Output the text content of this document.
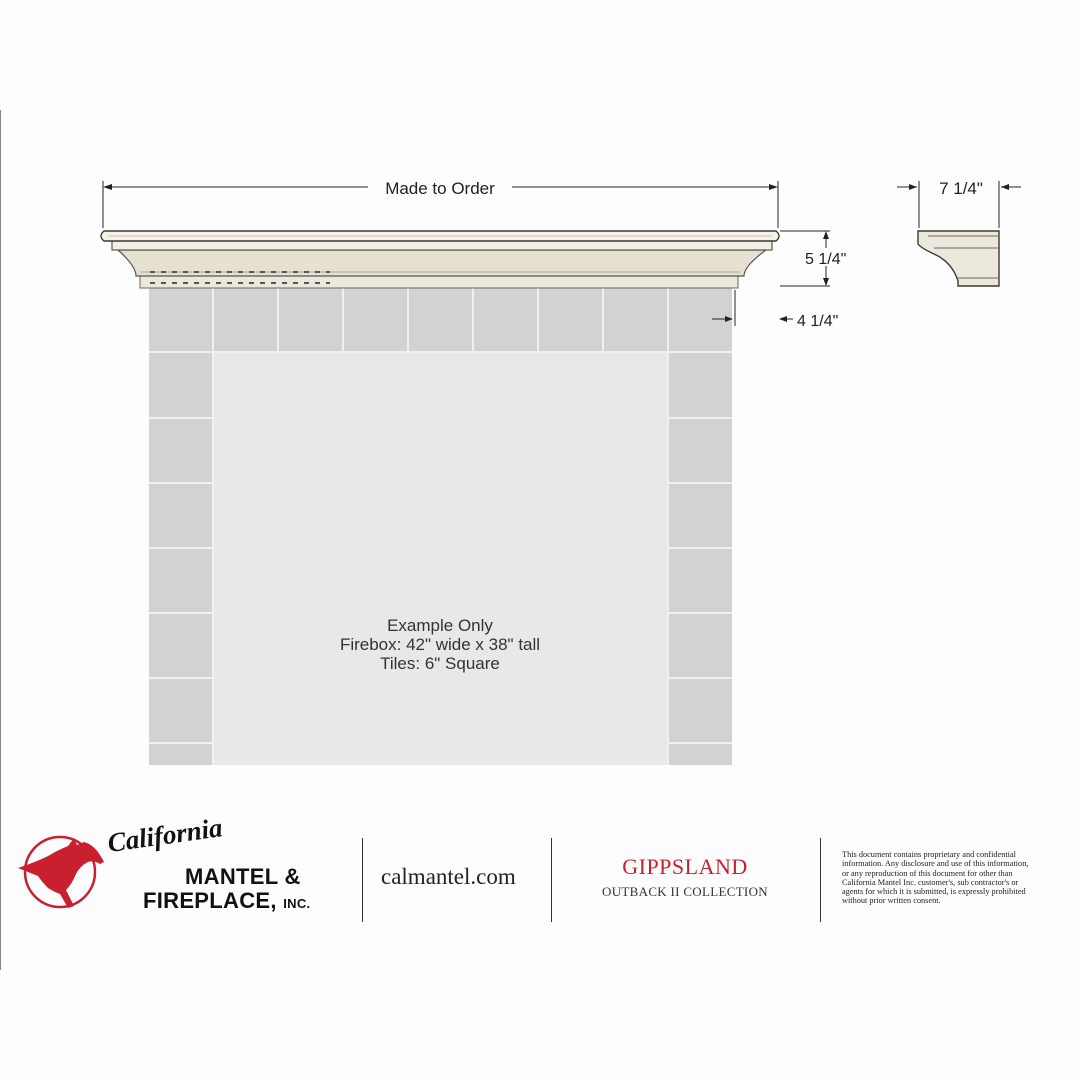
Made to Order	7 1/4"
5 1/4"
4 1/4"
Example Only
Firebox: 42" wide x 38" tall
Tiles: 6" Square
California
MANTEL &
FIREPLACE, INC.
calmantel.com	GIPPSLAND
OUTBACK II COLLECTION
This document contains proprietary and confidential
information. Any disclosure and use of this information,
or any reproduction of this document for other than
California Mantel Inc. customer's, sub contractor's or
agents for which it is submitted, is expressly prohibited
without prior written consent.
